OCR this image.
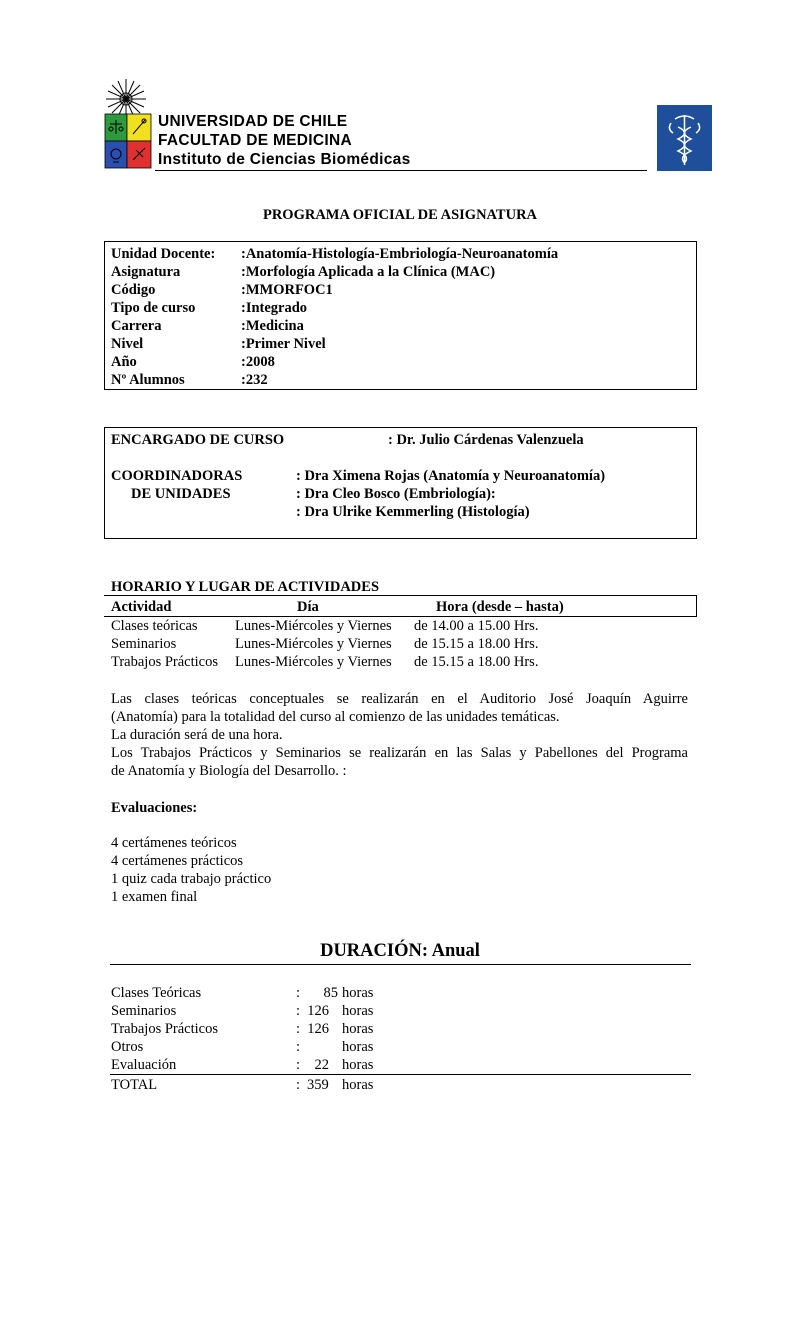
UNIVERSIDAD DE CHILE
FACULTAD DE MEDICINA
Instituto de Ciencias Biomédicas
PROGRAMA OFICIAL DE ASIGNATURA
Unidad Docente: :Anatomía-Histología-Embriología-Neuroanatomía
Asignatura	:Morfología Aplicada a la Clínica (MAC)
Código	:MMORFOC1
Tipo de curso	:Integrado
Carrera	:Medicina
Nivel	:Primer Nivel
Año	:2008
Nº Alumnos	:232
ENCARGADO DE CURSO	: Dr. Julio Cárdenas Valenzuela
COORDINADORAS
DE UNIDADES
: Dra Ximena Rojas (Anatomía y Neuroanatomía)
: Dra Cleo Bosco (Embriología):
: Dra Ulrike Kemmerling (Histología)
HORARIO Y LUGAR DE ACTIVIDADES
Actividad	Día	Hora (desde – hasta)
Clases teóricas	Lunes-Miércoles y Viernes de 14.00 a 15.00 Hrs.
Seminarios	Lunes-Miércoles y Viernes de 15.15 a 18.00 Hrs.
Trabajos Prácticos Lunes-Miércoles y Viernes de 15.15 a 18.00 Hrs.
Las clases teóricas conceptuales se realizarán en el Auditorio José Joaquín Aguirre
(Anatomía) para la totalidad del curso al comienzo de las unidades temáticas.
La duración será de una hora.
Los Trabajos Prácticos y Seminarios se realizarán en las Salas y Pabellones del Programa
de Anatomía y Biología del Desarrollo. :
Evaluaciones:
4 certámenes teóricos
4 certámenes prácticos
1 quiz cada trabajo práctico
1 examen final
DURACIÓN: Anual
Clases Teóricas	:	85 horas
Seminarios	: 126 horas
Trabajos Prácticos	: 126 horas
Otros	:	horas
Evaluación	: 22 horas
TOTAL	: 359 horas
